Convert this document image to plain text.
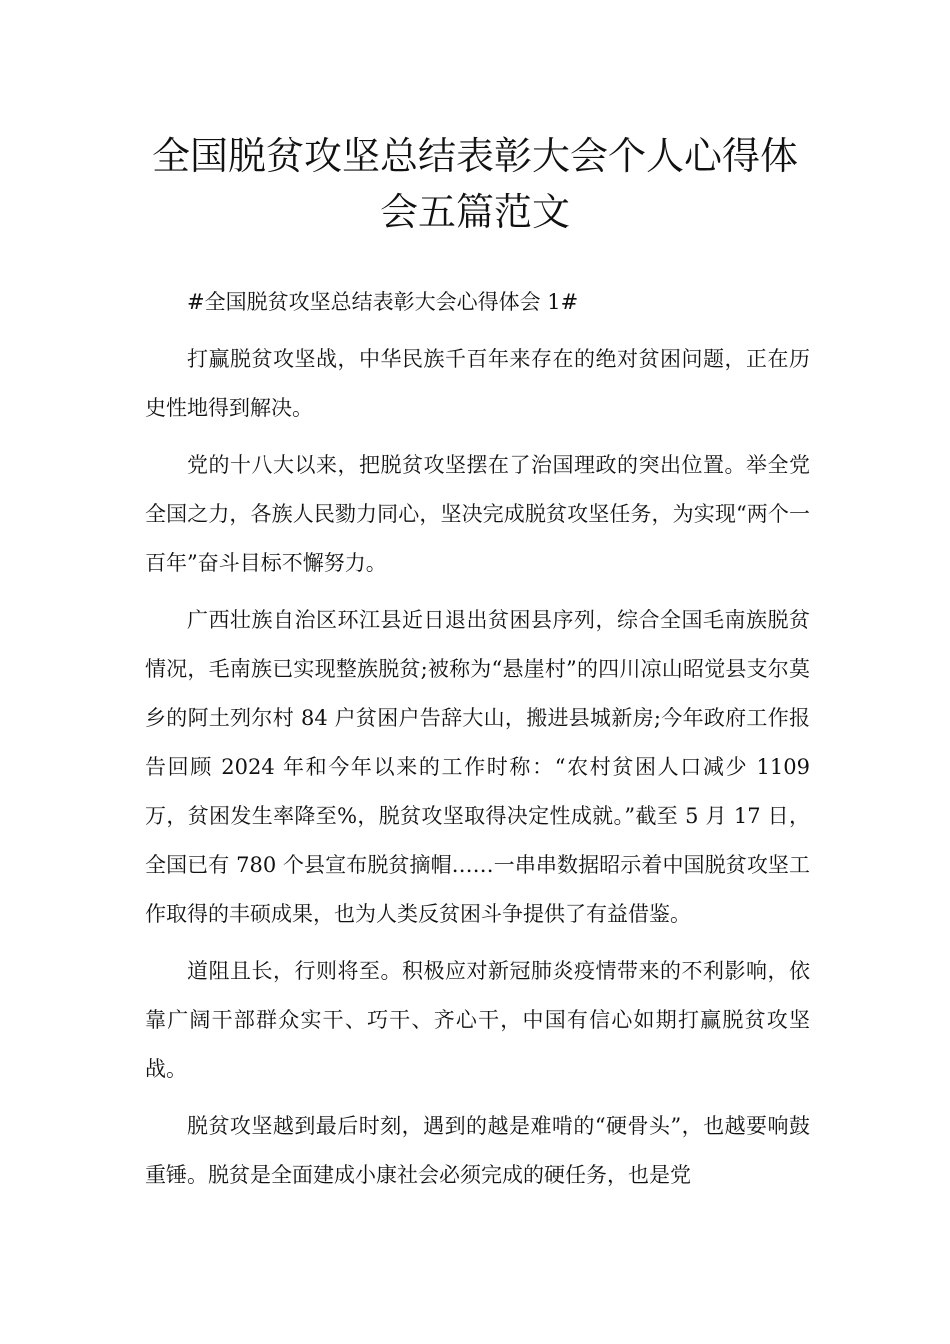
全国脱贫攻坚总结表彰大会个人心得体
会五篇范文

#全国脱贫攻坚总结表彰大会心得体会 1#

打赢脱贫攻坚战，中华民族千百年来存在的绝对贫困问题，正在历史性地得到解决。

党的十八大以来，把脱贫攻坚摆在了治国理政的突出位置。举全党全国之力，各族人民勠力同心，坚决完成脱贫攻坚任务，为实现“两个一百年”奋斗目标不懈努力。

广西壮族自治区环江县近日退出贫困县序列，综合全国毛南族脱贫情况，毛南族已实现整族脱贫;被称为“悬崖村”的四川凉山昭觉县支尔莫乡的阿土列尔村 84 户贫困户告辞大山，搬进县城新房;今年政府工作报告回顾 2024 年和今年以来的工作时称：“农村贫困人口减少 1109 万，贫困发生率降至%，脱贫攻坚取得决定性成就。”截至 5 月 17 日，全国已有 780 个县宣布脱贫摘帽……一串串数据昭示着中国脱贫攻坚工作取得的丰硕成果，也为人类反贫困斗争提供了有益借鉴。

道阻且长，行则将至。积极应对新冠肺炎疫情带来的不利影响，依靠广阔干部群众实干、巧干、齐心干，中国有信心如期打赢脱贫攻坚战。

脱贫攻坚越到最后时刻，遇到的越是难啃的“硬骨头”，也越要响鼓重锤。脱贫是全面建成小康社会必须完成的硬任务，也是党
